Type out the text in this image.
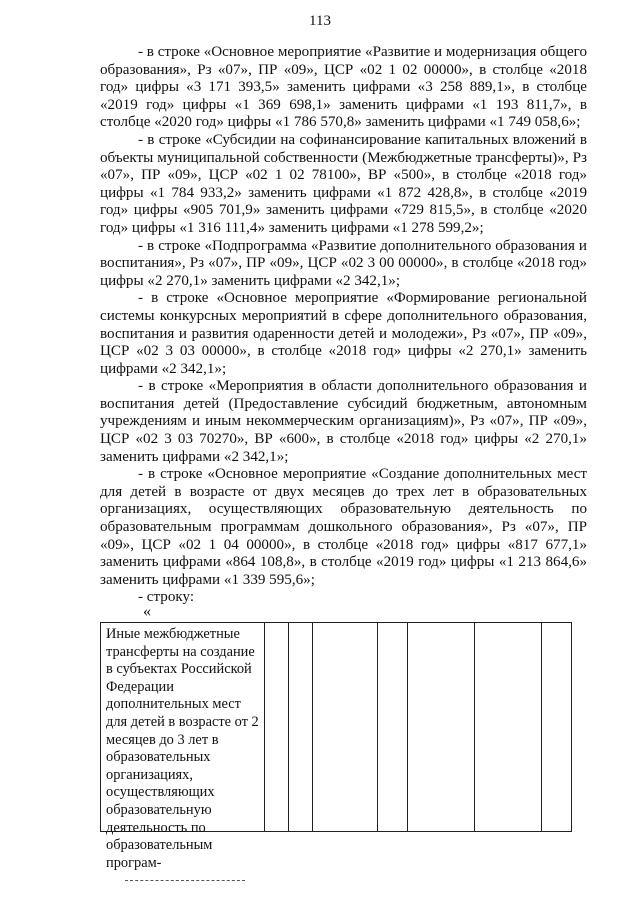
113

- в строке «Основное мероприятие «Развитие и модернизация общего образования», Рз «07», ПР «09», ЦСР «02 1 02 00000», в столбце «2018 год» цифры «3 171 393,5» заменить цифрами «3 258 889,1», в столбце «2019 год» цифры «1 369 698,1» заменить цифрами «1 193 811,7», в столбце «2020 год» цифры «1 786 570,8» заменить цифрами «1 749 058,6»;

- в строке «Субсидии на софинансирование капитальных вложений в объекты муниципальной собственности (Межбюджетные трансферты)», Рз «07», ПР «09», ЦСР «02 1 02 78100», ВР «500», в столбце «2018 год» цифры «1 784 933,2» заменить цифрами «1 872 428,8», в столбце «2019 год» цифры «905 701,9» заменить цифрами «729 815,5», в столбце «2020 год» цифры «1 316 111,4» заменить цифрами «1 278 599,2»;

- в строке «Подпрограмма «Развитие дополнительного образования и воспитания», Рз «07», ПР «09», ЦСР «02 3 00 00000», в столбце «2018 год» цифры «2 270,1» заменить цифрами «2 342,1»;

- в строке «Основное мероприятие «Формирование региональной системы конкурсных мероприятий в сфере дополнительного образования, воспитания и развития одаренности детей и молодежи», Рз «07», ПР «09», ЦСР «02 3 03 00000», в столбце «2018 год» цифры «2 270,1» заменить цифрами «2 342,1»;

- в строке «Мероприятия в области дополнительного образования и воспитания детей (Предоставление субсидий бюджетным, автономным учреждениям и иным некоммерческим организациям)», Рз «07», ПР «09», ЦСР «02 3 03 70270», ВР «600», в столбце «2018 год» цифры «2 270,1» заменить цифрами «2 342,1»;

- в строке «Основное мероприятие «Создание дополнительных мест для детей в возрасте от двух месяцев до трех лет в образовательных организациях, осуществляющих образовательную деятельность по образовательным программам дошкольного образования», Рз «07», ПР «09», ЦСР «02 1 04 00000», в столбце «2018 год» цифры «817 677,1» заменить цифрами «864 108,8», в столбце «2019 год» цифры «1 213 864,6» заменить цифрами «1 339 595,6»;

- строку:

«
Иные межбюджетные трансферты на создание в субъектах Российской Федерации дополнительных мест для детей в возрасте от 2 месяцев до 3 лет в образовательных организациях, осуществляющих образовательную деятельность по образовательным програм-
